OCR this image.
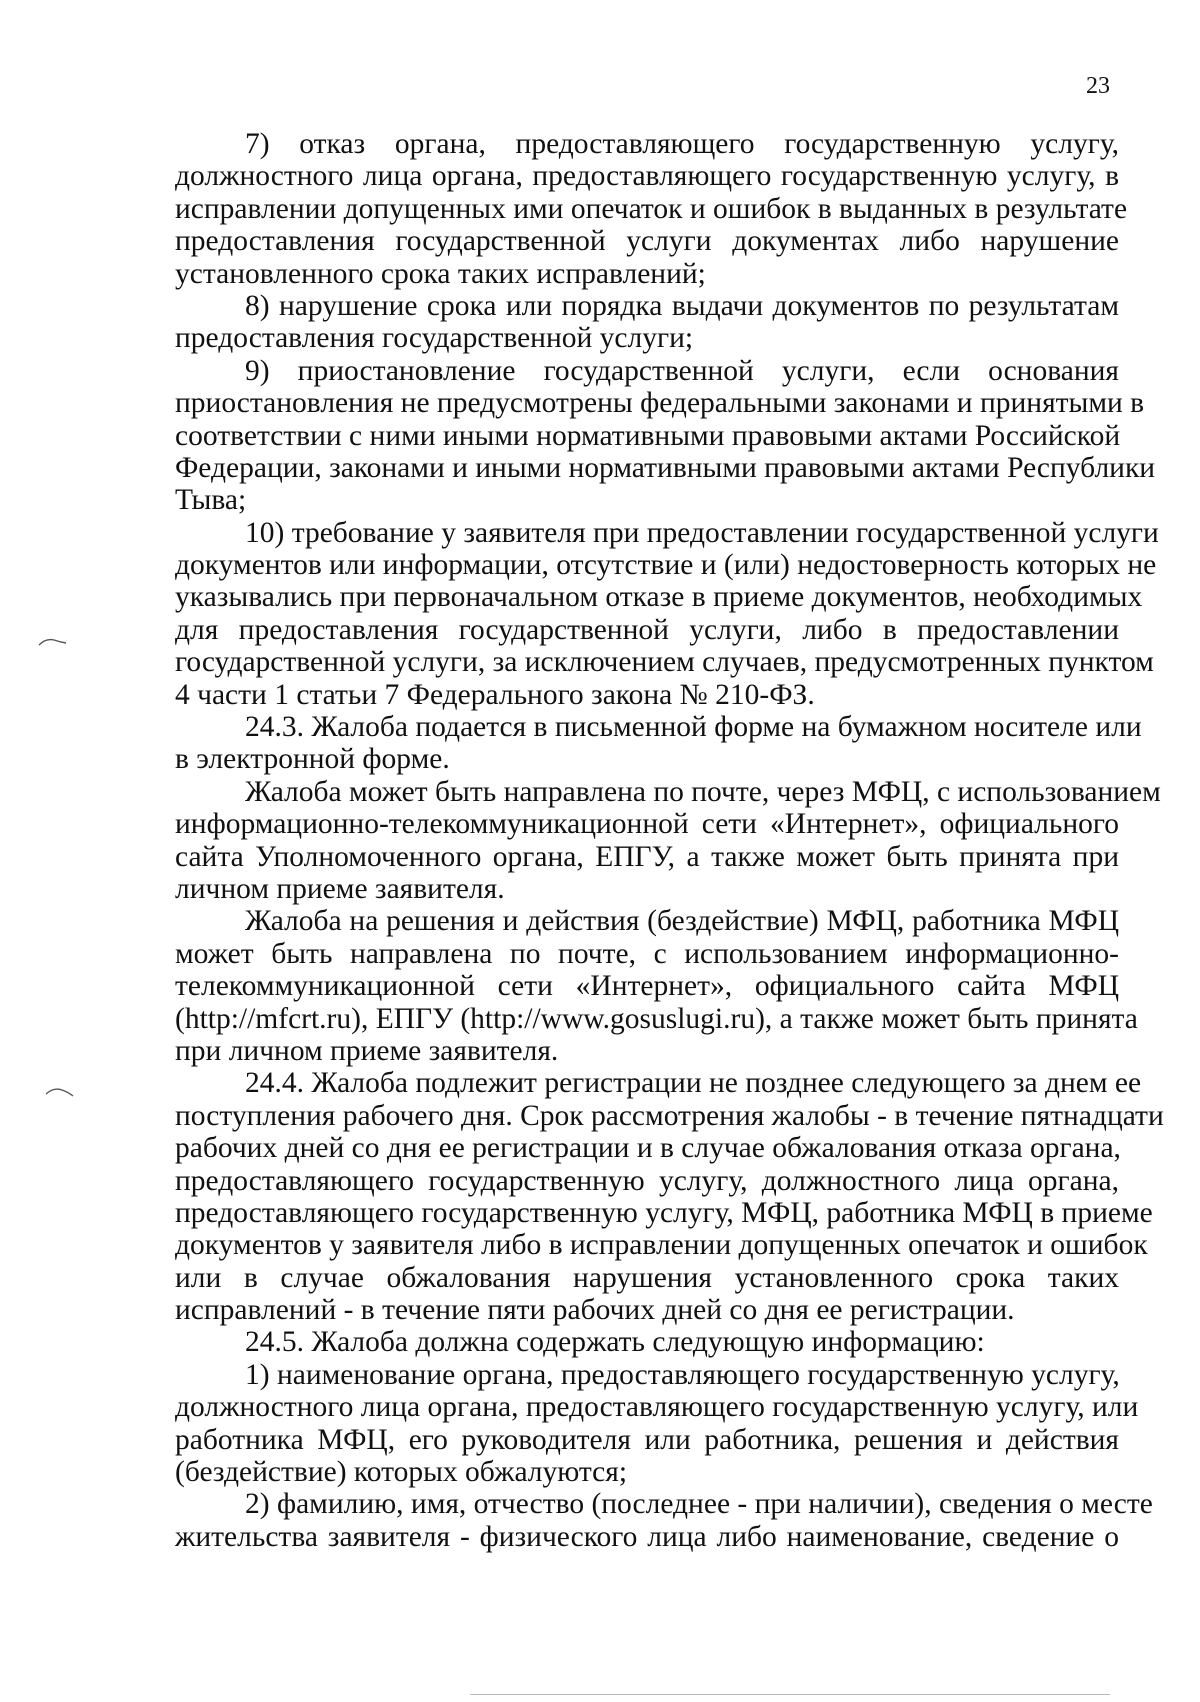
23
7) отказ органа, предоставляющего государственную услугу,
должностного лица органа, предоставляющего государственную услугу, в
исправлении допущенных ими опечаток и ошибок в выданных в результате
предоставления государственной услуги документах либо нарушение
установленного срока таких исправлений;
8) нарушение срока или порядка выдачи документов по результатам
предоставления государственной услуги;
9) приостановление государственной услуги, если основания
приостановления не предусмотрены федеральными законами и принятыми в
соответствии с ними иными нормативными правовыми актами Российской
Федерации, законами и иными нормативными правовыми актами Республики
Тыва;
10) требование у заявителя при предоставлении государственной услуги
документов или информации, отсутствие и (или) недостоверность которых не
указывались при первоначальном отказе в приеме документов, необходимых
для предоставления государственной услуги, либо в предоставлении
государственной услуги, за исключением случаев, предусмотренных пунктом
4 части 1 статьи 7 Федерального закона № 210-ФЗ.
24.3. Жалоба подается в письменной форме на бумажном носителе или
в электронной форме.
Жалоба может быть направлена по почте, через МФЦ, с использованием
информационно-телекоммуникационной сети «Интернет», официального
сайта Уполномоченного органа, ЕПГУ, а также может быть принята при
личном приеме заявителя.
Жалоба на решения и действия (бездействие) МФЦ, работника МФЦ
может быть направлена по почте, с использованием информационно-
телекоммуникационной сети «Интернет», официального сайта МФЦ
(http://mfcrt.ru), ЕПГУ (http://www.gosuslugi.ru), а также может быть принята
при личном приеме заявителя.
24.4. Жалоба подлежит регистрации не позднее следующего за днем ее
поступления рабочего дня. Срок рассмотрения жалобы - в течение пятнадцати
рабочих дней со дня ее регистрации и в случае обжалования отказа органа,
предоставляющего государственную услугу, должностного лица органа,
предоставляющего государственную услугу, МФЦ, работника МФЦ в приеме
документов у заявителя либо в исправлении допущенных опечаток и ошибок
или в случае обжалования нарушения установленного срока таких
исправлений - в течение пяти рабочих дней со дня ее регистрации.
24.5. Жалоба должна содержать следующую информацию:
1) наименование органа, предоставляющего государственную услугу,
должностного лица органа, предоставляющего государственную услугу, или
работника МФЦ, его руководителя или работника, решения и действия
(бездействие) которых обжалуются;
2) фамилию, имя, отчество (последнее - при наличии), сведения о месте
жительства заявителя - физического лица либо наименование, сведение о
